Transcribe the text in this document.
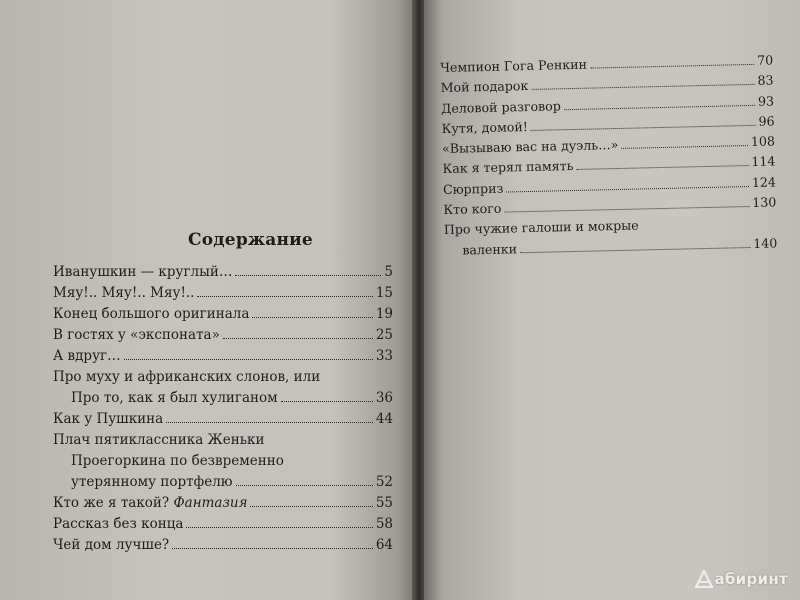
Содержание
Иванушкин — круглый…	5
Мяу!.. Мяу!.. Мяу!..	15
Конец большого оригинала	19
В гостях у «экспоната»	25
А вдруг…	33
Про муху и африканских слонов, или
Про то, как я был хулиганом	36
Как у Пушкина	44
Плач пятиклассника Женьки
Проегоркина по безвременно
утерянному портфелю	52
Кто же я такой? Фантазия	55
Рассказ без конца	58
Чей дом лучше?	64
Чемпион Гога Ренкин	70
Мой подарок	83
Деловой разговор	93
Кутя, домой!	96
«Вызываю вас на дуэль…»	108
Как я терял память	114
Сюрприз	124
Кто кого	130
Про чужие галоши и мокрые
валенки	140
абиринт
